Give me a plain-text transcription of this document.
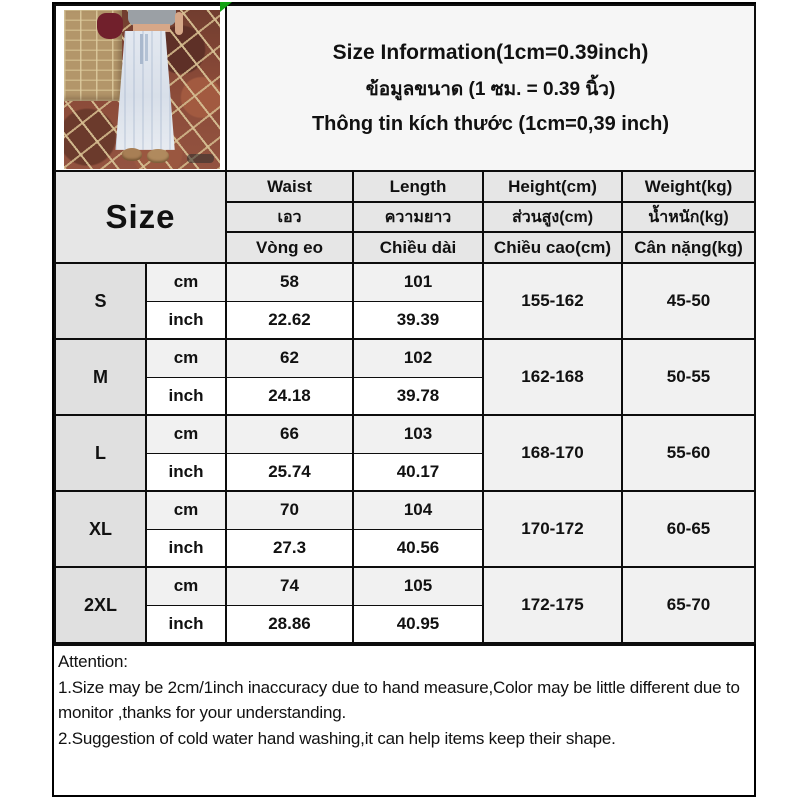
		Size Information(1cm=0.39inch)
ข้อมูลขนาด (1 ซม. = 0.39 นิ้ว)
Thông tin kích thước (1cm=0,39 inch)			

Size		Waist	Length	Height(cm)	Weight(kg)
		เอว	ความยาว	ส่วนสูง(cm)	น้ำหนัก(kg)
		Vòng eo	Chiều dài	Chiều cao(cm)	Cân nặng(kg)
S	cm	58	101	155-162	45-50
	inch	22.62	39.39		
M	cm	62	102	162-168	50-55
	inch	24.18	39.78		
L	cm	66	103	168-170	55-60
	inch	25.74	40.17		
XL	cm	70	104	170-172	60-65
	inch	27.3	40.56		
2XL	cm	74	105	172-175	65-70
	inch	28.86	40.95		
Attention:
1.Size may be 2cm/1inch inaccuracy due to hand measure,Color may be little different due to monitor ,thanks for your understanding.
2.Suggestion of cold water hand washing,it can help items keep their shape.
